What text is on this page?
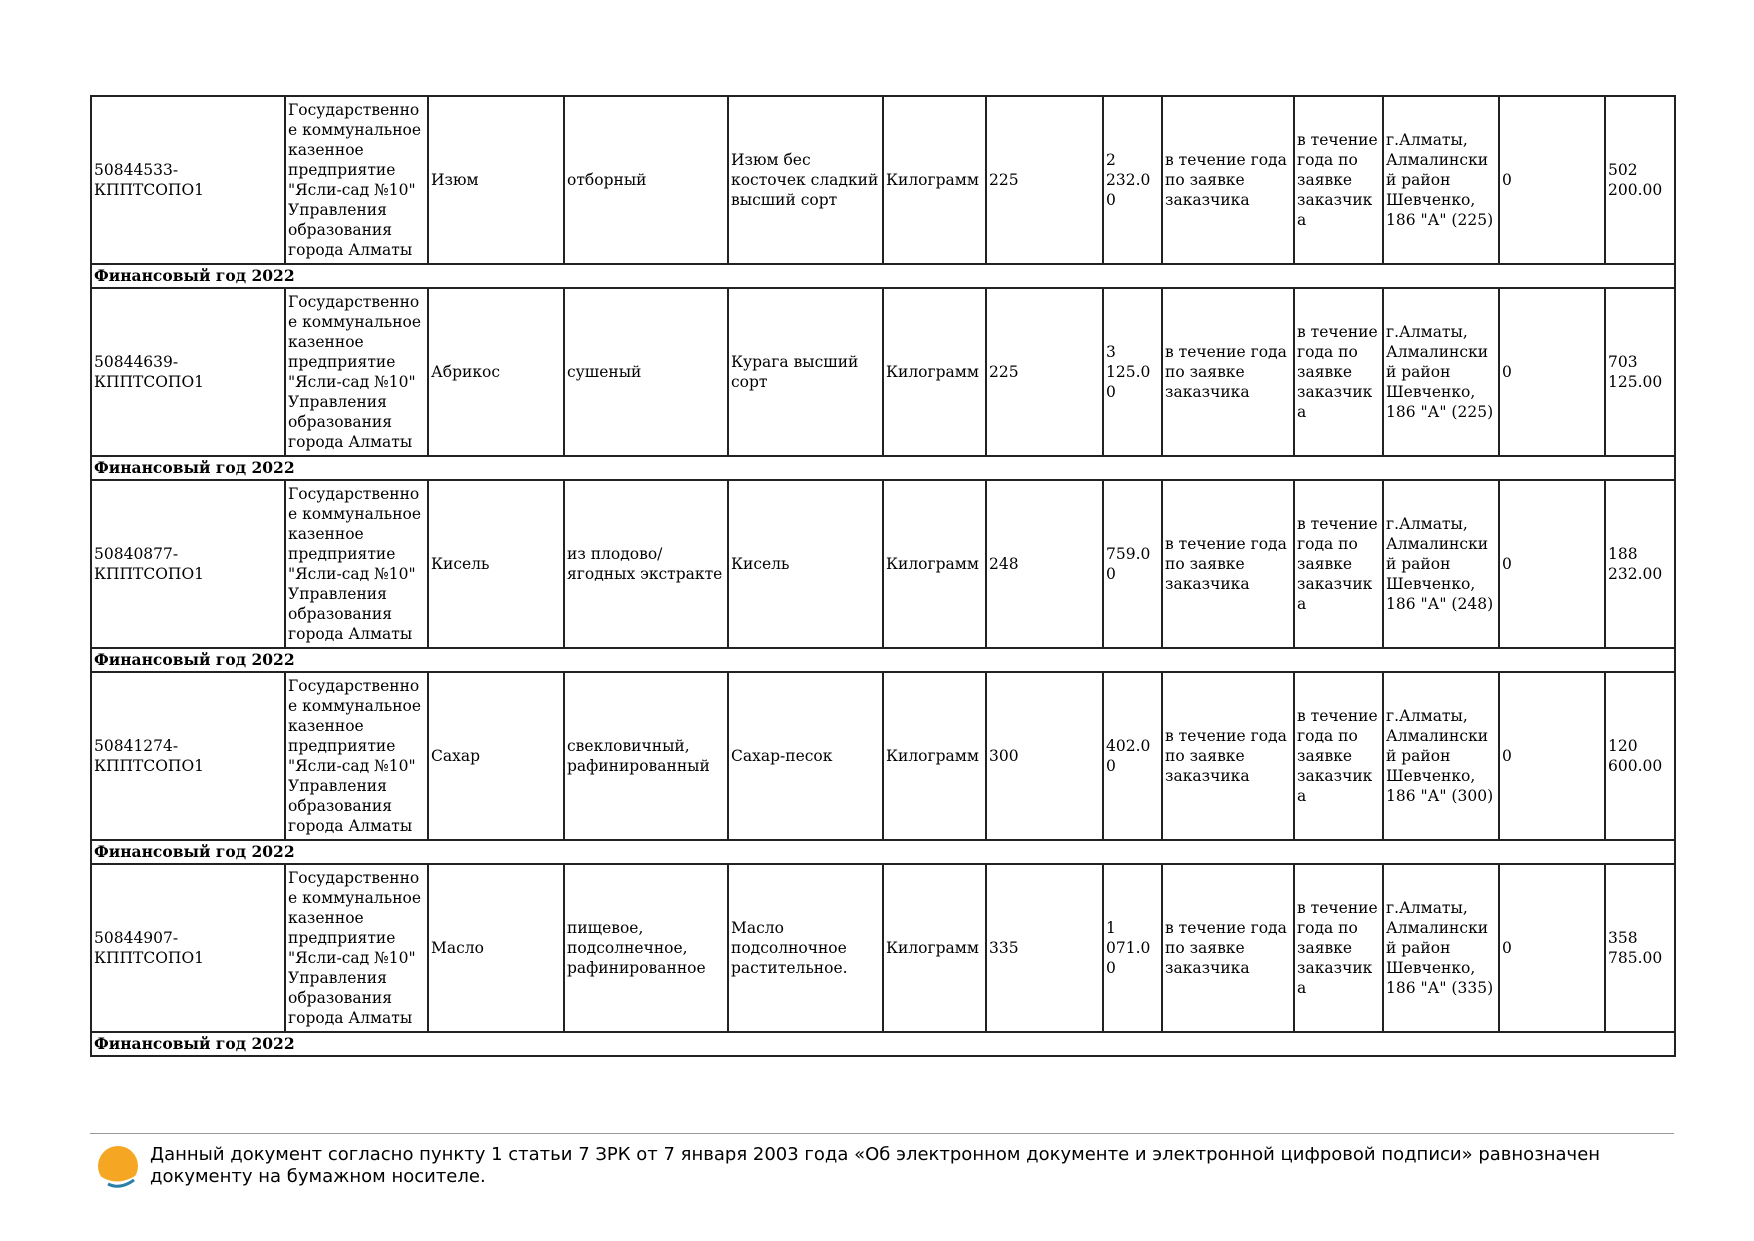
50844533-КППТСОПО1	Государственное коммунальное казенное предприятие "Ясли-сад №10" Управления образования города Алматы	Изюм	отборный	Изюм бес косточек сладкий высший сорт	Килограмм	225	2 232.00	в течение года по заявке заказчика	в течение года по заявке заказчика	г.Алматы, Алмалинский район Шевченко, 186 "А" (225)	0	502 200.00
Финансовый год 2022												
50844639-КППТСОПО1	Государственное коммунальное казенное предприятие "Ясли-сад №10" Управления образования города Алматы	Абрикос	сушеный	Курага высший сорт	Килограмм	225	3 125.00	в течение года по заявке заказчика	в течение года по заявке заказчика	г.Алматы, Алмалинский район Шевченко, 186 "А" (225)	0	703 125.00
Финансовый год 2022												
50840877-КППТСОПО1	Государственное коммунальное казенное предприятие "Ясли-сад №10" Управления образования города Алматы	Кисель	из плодово/ ягодных экстракте	Кисель	Килограмм	248	759.00	в течение года по заявке заказчика	в течение года по заявке заказчика	г.Алматы, Алмалинский район Шевченко, 186 "А" (248)	0	188 232.00
Финансовый год 2022												
50841274-КППТСОПО1	Государственное коммунальное казенное предприятие "Ясли-сад №10" Управления образования города Алматы	Сахар	свекловичный, рафинированный	Сахар-песок	Килограмм	300	402.00	в течение года по заявке заказчика	в течение года по заявке заказчика	г.Алматы, Алмалинский район Шевченко, 186 "А" (300)	0	120 600.00
Финансовый год 2022												
50844907-КППТСОПО1	Государственное коммунальное казенное предприятие "Ясли-сад №10" Управления образования города Алматы	Масло	пищевое, подсолнечное, рафинированное	Масло подсолночное растительное.	Килограмм	335	1 071.00	в течение года по заявке заказчика	в течение года по заявке заказчика	г.Алматы, Алмалинский район Шевченко, 186 "А" (335)	0	358 785.00
Финансовый год 2022												
Данный документ согласно пункту 1 статьи 7 ЗРК от 7 января 2003 года «Об электронном документе и электронной цифровой подписи» равнозначен документу на бумажном носителе.
